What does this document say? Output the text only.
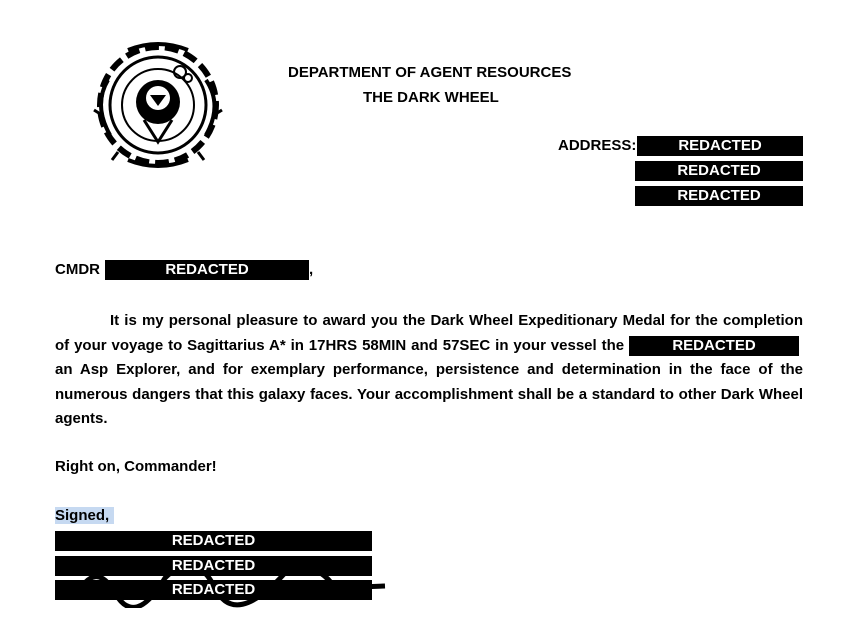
DEPARTMENT OF AGENT RESOURCES
THE DARK WHEEL
ADDRESS:	REDACTED
REDACTED
REDACTED
CMDR	REDACTED	,
It is my personal pleasure to award you the Dark Wheel Expeditionary Medal for the completion of your voyage to Sagittarius A* in 17HRS 58MIN and 57SEC in your vessel the	REDACTED an Asp Explorer, and for exemplary performance, persistence and determination in the face of the numerous dangers that this galaxy faces. Your accomplishment shall be a standard to other Dark Wheel agents.
Right on, Commander!
Signed,
REDACTED
REDACTED
REDACTED
